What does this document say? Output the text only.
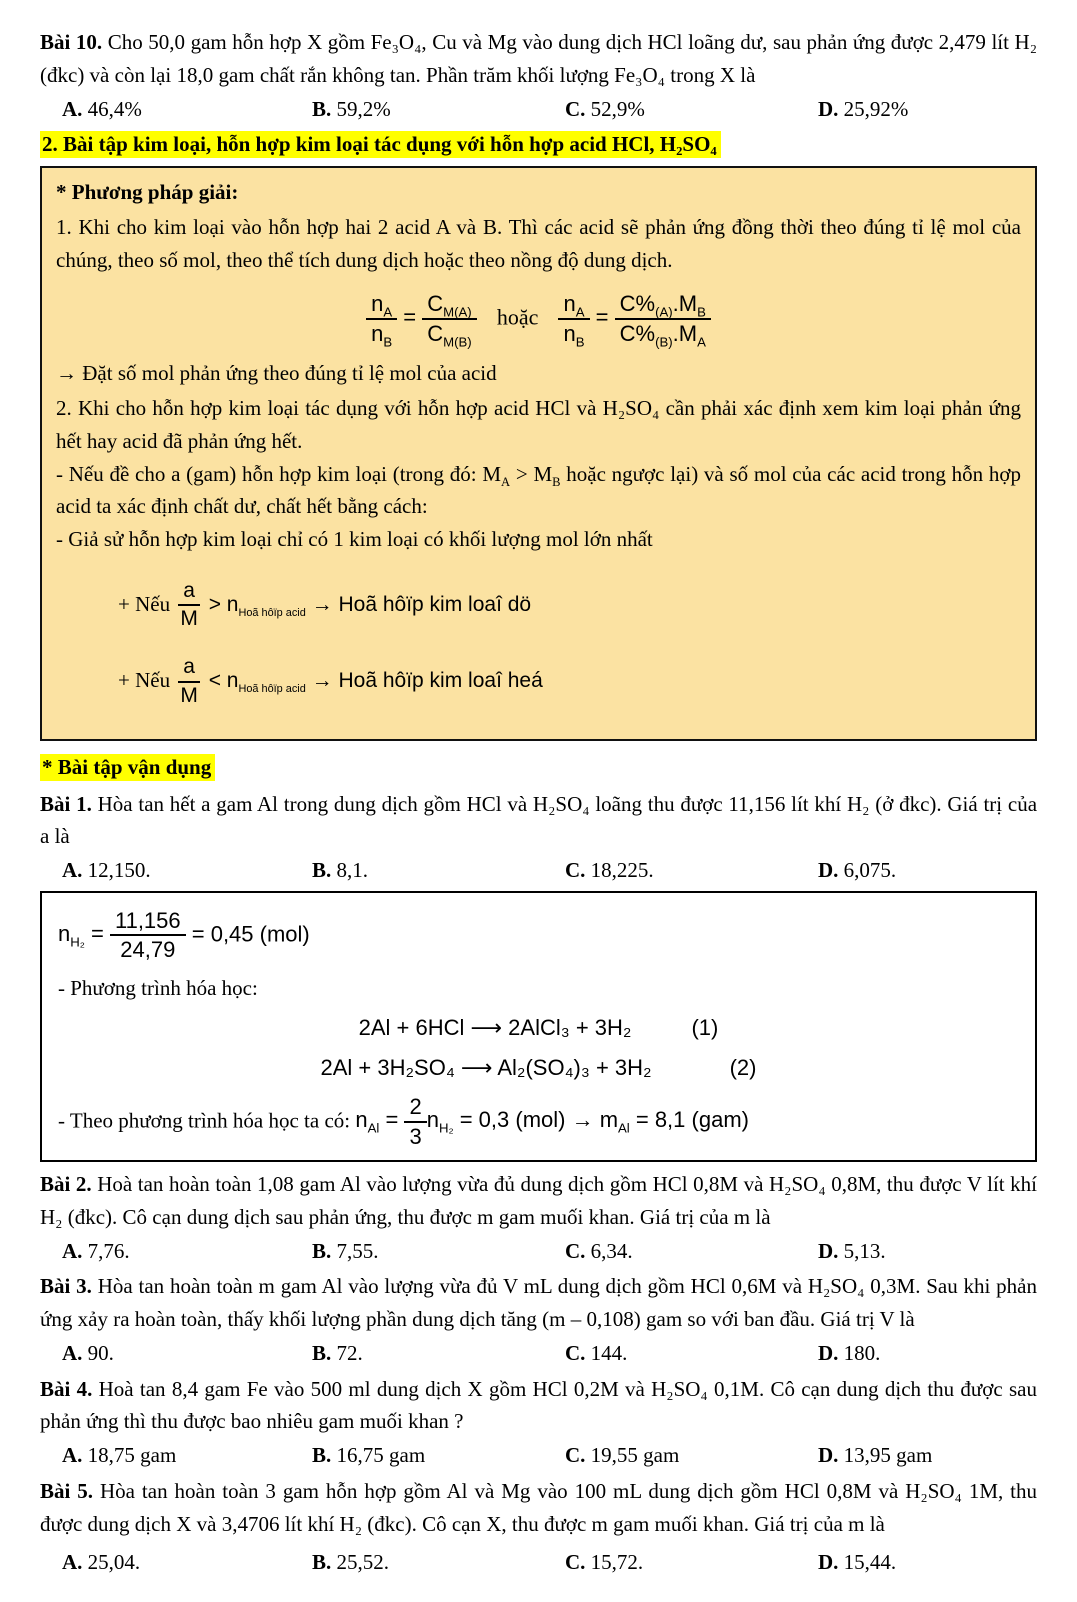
Bài 10. Cho 50,0 gam hỗn hợp X gồm Fe₃O₄, Cu và Mg vào dung dịch HCl loãng dư, sau phản ứng được 2,479 lít H₂ (đkc) và còn lại 18,0 gam chất rắn không tan. Phần trăm khối lượng Fe₃O₄ trong X là

A. 46,4%	B. 59,2%	C. 52,9%	D. 25,92%
2. Bài tập kim loại, hỗn hợp kim loại tác dụng với hỗn hợp acid HCl, H₂SO₄

* Phương pháp giải:

1. Khi cho kim loại vào hỗn hợp hai 2 acid A và B. Thì các acid sẽ phản ứng đồng thời theo đúng tỉ lệ mol của chúng, theo số mol, theo thể tích dung dịch hoặc theo nồng độ dung dịch.

$\frac{n_A}{n_B} = \frac{C_{M(A)}}{C_{M(B)}}$ hoặc $\frac{n_A}{n_B} = \frac{C\%_{(A)}.M_B}{C\%_{(B)}.M_A}$

→ Đặt số mol phản ứng theo đúng tỉ lệ mol của acid

2. Khi cho hỗn hợp kim loại tác dụng với hỗn hợp acid HCl và H₂SO₄ cần phải xác định xem kim loại phản ứng hết hay acid đã phản ứng hết.

- Nếu đề cho a (gam) hỗn hợp kim loại (trong đó: $M_A > M_B$ hoặc ngược lại) và số mol của các acid trong hỗn hợp acid ta xác định chất dư, chất hết bằng cách:

- Giả sử hỗn hợp kim loại chỉ có 1 kim loại có khối lượng mol lớn nhất

+ Nếu $\frac{a}{M} > n_{Hoã hôïp acid}$ → Hoã hôïp kim loaî dö
+ Nếu $\frac{a}{M} < n_{Hoã hôïp acid}$ → Hoã hôïp kim loaî heá
* Bài tập vận dụng

Bài 1. Hòa tan hết a gam Al trong dung dịch gồm HCl và H₂SO₄ loãng thu được 11,156 lít khí H₂ (ở đkc). Giá trị của a là

A. 12,150.	B. 8,1.	C. 18,225.	D. 6,075.
$n_{H_2} = \frac{11,156}{24,79} = 0,45$ (mol)

- Phương trình hóa học:

2Al + 6HCl ⟶ 2AlCl₃ + 3H₂	(1)
2Al + 3H₂SO₄ ⟶ Al₂(SO₄)₃ + 3H₂	(2)
- Theo phương trình hóa học ta có: $n_{Al} = \frac{2}{3} n_{H_2} = 0,3$ $(mol) \to m_{Al} = 8,1$ (gam)

Bài 2. Hoà tan hoàn toàn 1,08 gam Al vào lượng vừa đủ dung dịch gồm HCl 0,8M và H₂SO₄ 0,8M, thu được V lít khí H₂ (đkc). Cô cạn dung dịch sau phản ứng, thu được m gam muối khan. Giá trị của m là

A. 7,76.	B. 7,55.	C. 6,34.	D. 5,13.

Bài 3. Hòa tan hoàn toàn m gam Al vào lượng vừa đủ V mL dung dịch gồm HCl 0,6M và H₂SO₄ 0,3M. Sau khi phản ứng xảy ra hoàn toàn, thấy khối lượng phần dung dịch tăng (m – 0,108) gam so với ban đầu. Giá trị V là

A. 90.	B. 72.	C. 144.	D. 180.

Bài 4. Hoà tan 8,4 gam Fe vào 500 ml dung dịch X gồm HCl 0,2M và H₂SO₄ 0,1M. Cô cạn dung dịch thu được sau phản ứng thì thu được bao nhiêu gam muối khan ?

A. 18,75 gam	B. 16,75 gam	C. 19,55 gam	D. 13,95 gam

Bài 5. Hòa tan hoàn toàn 3 gam hỗn hợp gồm Al và Mg vào 100 mL dung dịch gồm HCl 0,8M và H₂SO₄ 1M, thu được dung dịch X và 3,4706 lít khí H₂ (đkc). Cô cạn X, thu được m gam muối khan. Giá trị của m là

A. 25,04.	B. 25,52.	C. 15,72.	D. 15,44.
